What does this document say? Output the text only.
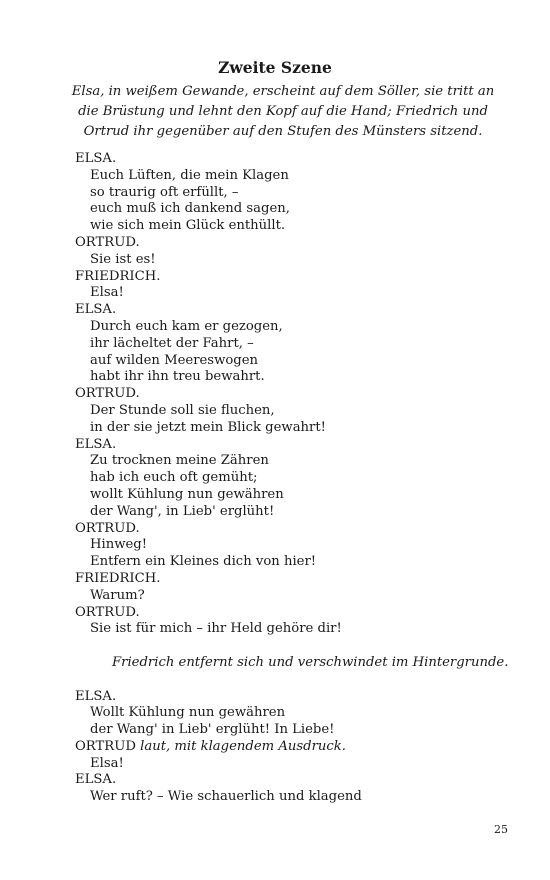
Zweite Szene

Elsa, in weißem Gewande, erscheint auf dem Söller, sie tritt an die Brüstung und lehnt den Kopf auf die Hand; Friedrich und Ortrud ihr gegenüber auf den Stufen des Münsters sitzend.

ELSA.
Euch Lüften, die mein Klagen
so traurig oft erfüllt, –
euch muß ich dankend sagen,
wie sich mein Glück enthüllt.
ORTRUD.
Sie ist es!
FRIEDRICH.
Elsa!
ELSA.
Durch euch kam er gezogen,
ihr lächeltet der Fahrt, –
auf wilden Meereswogen
habt ihr ihn treu bewahrt.
ORTRUD.
Der Stunde soll sie fluchen,
in der sie jetzt mein Blick gewahrt!
ELSA.
Zu trocknen meine Zähren
hab ich euch oft gemüht;
wollt Kühlung nun gewähren
der Wang', in Lieb' erglüht!
ORTRUD.
Hinweg!
Entfern ein Kleines dich von hier!
FRIEDRICH.
Warum?
ORTRUD.
Sie ist für mich – ihr Held gehöre dir!
Friedrich entfernt sich und verschwindet im Hintergrunde.
ELSA.
Wollt Kühlung nun gewähren
der Wang' in Lieb' erglüht! In Liebe!
ORTRUD laut, mit klagendem Ausdruck.
Elsa!
ELSA.
Wer ruft? – Wie schauerlich und klagend
25
